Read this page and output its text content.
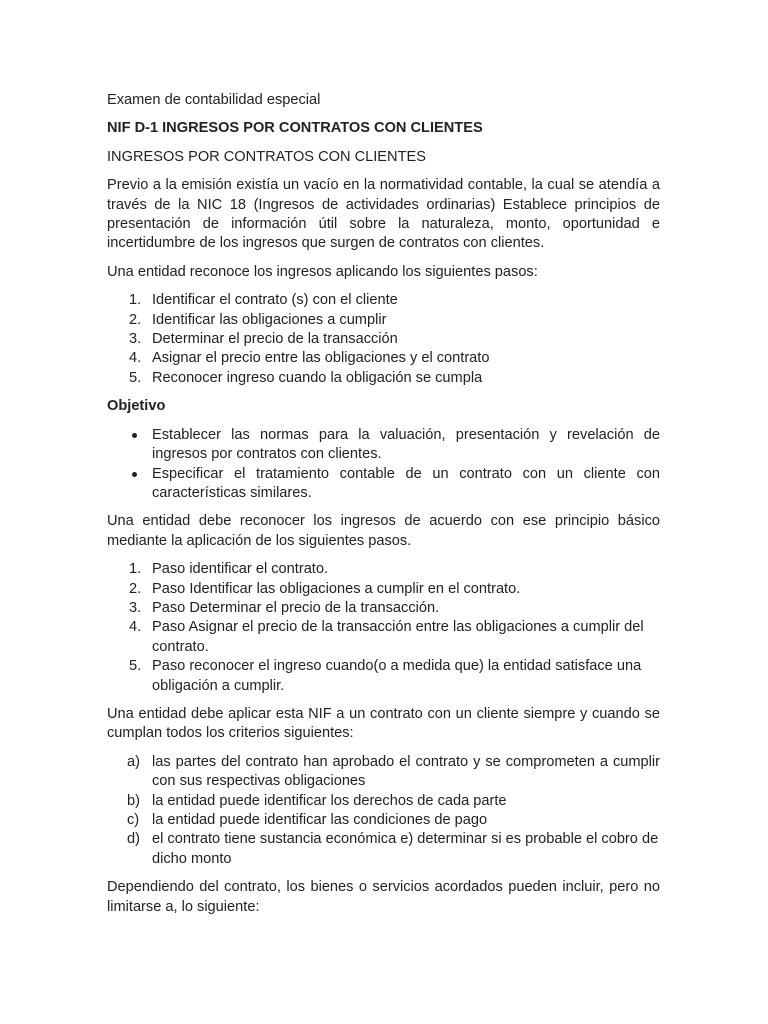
Examen de contabilidad especial

NIF D-1 INGRESOS POR CONTRATOS CON CLIENTES

INGRESOS POR CONTRATOS CON CLIENTES

Previo a la emisión existía un vacío en la normatividad contable, la cual se atendía a través de la NIC 18 (Ingresos de actividades ordinarias) Establece principios de presentación de información útil sobre la naturaleza, monto, oportunidad e incertidumbre de los ingresos que surgen de contratos con clientes.

Una entidad reconoce los ingresos aplicando los siguientes pasos:

1. Identificar el contrato (s) con el cliente
2. Identificar las obligaciones a cumplir
3. Determinar el precio de la transacción
4. Asignar el precio entre las obligaciones y el contrato
5. Reconocer ingreso cuando la obligación se cumpla

Objetivo

Establecer las normas para la valuación, presentación y revelación de ingresos por contratos con clientes.
Especificar el tratamiento contable de un contrato con un cliente con características similares.

Una entidad debe reconocer los ingresos de acuerdo con ese principio básico mediante la aplicación de los siguientes pasos.

1. Paso identificar el contrato.
2. Paso Identificar las obligaciones a cumplir en el contrato.
3. Paso Determinar el precio de la transacción.
4. Paso Asignar el precio de la transacción entre las obligaciones a cumplir del contrato.
5. Paso reconocer el ingreso cuando(o a medida que) la entidad satisface una obligación a cumplir.

Una entidad debe aplicar esta NIF a un contrato con un cliente siempre y cuando se cumplan todos los criterios siguientes:

a) las partes del contrato han aprobado el contrato y se comprometen a cumplir con sus respectivas obligaciones
b) la entidad puede identificar los derechos de cada parte
c) la entidad puede identificar las condiciones de pago
d) el contrato tiene sustancia económica e) determinar si es probable el cobro de dicho monto

Dependiendo del contrato, los bienes o servicios acordados pueden incluir, pero no limitarse a, lo siguiente:
